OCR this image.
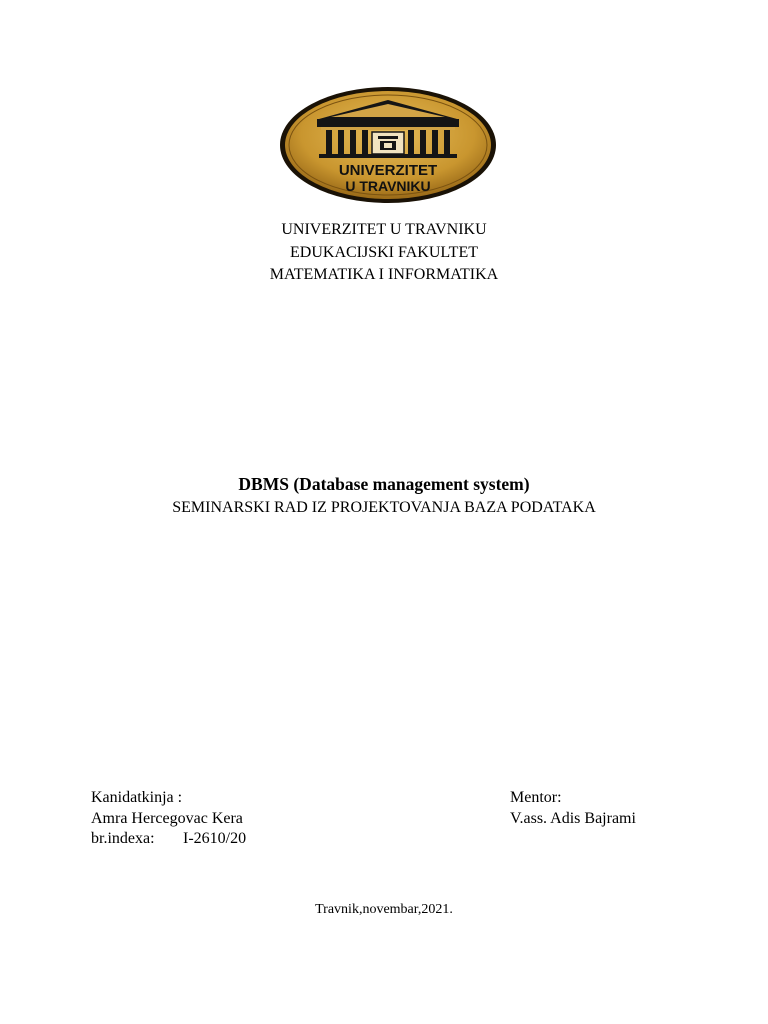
UNIVERZITET
U TRAVNIKU
UNIVERZITET U TRAVNIKU
EDUKACIJSKI FAKULTET
MATEMATIKA I INFORMATIKA
DBMS (Database management system)
SEMINARSKI RAD IZ PROJEKTOVANJA BAZA PODATAKA
Kanidatkinja :
Amra Hercegovac Kera
br.indexa: I-2610/20
Mentor:
V.ass. Adis Bajrami
Travnik,novembar,2021.
